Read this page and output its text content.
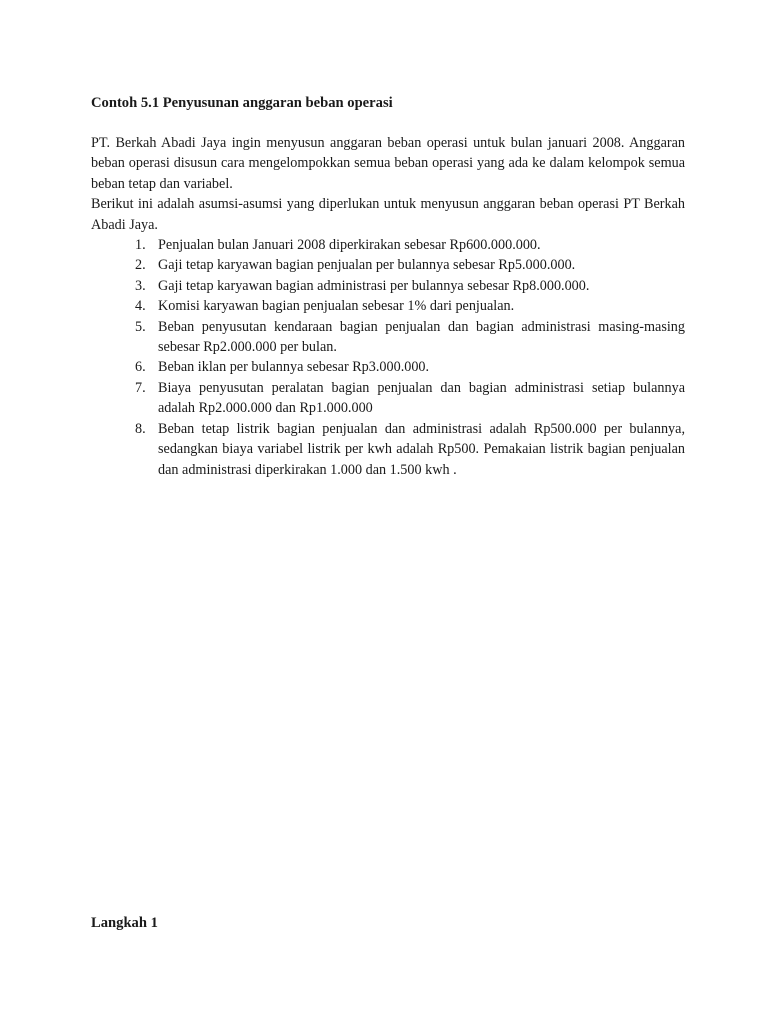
Contoh 5.1 Penyusunan anggaran beban operasi

PT. Berkah Abadi Jaya ingin menyusun anggaran beban operasi untuk bulan januari 2008. Anggaran beban operasi disusun cara mengelompokkan semua beban operasi yang ada ke dalam kelompok semua beban tetap dan variabel.

Berikut ini adalah asumsi-asumsi yang diperlukan untuk menyusun anggaran beban operasi PT Berkah Abadi Jaya.

1. Penjualan bulan Januari 2008 diperkirakan sebesar Rp600.000.000.
2. Gaji tetap karyawan bagian penjualan per bulannya sebesar Rp5.000.000.
3. Gaji tetap karyawan bagian administrasi per bulannya sebesar Rp8.000.000.
4. Komisi karyawan bagian penjualan sebesar 1% dari penjualan.
5. Beban penyusutan kendaraan bagian penjualan dan bagian administrasi masing-masing sebesar Rp2.000.000 per bulan.
6. Beban iklan per bulannya sebesar Rp3.000.000.
7. Biaya penyusutan peralatan bagian penjualan dan bagian administrasi setiap bulannya adalah Rp2.000.000 dan Rp1.000.000
8. Beban tetap listrik bagian penjualan dan administrasi adalah Rp500.000 per bulannya, sedangkan biaya variabel listrik per kwh adalah Rp500. Pemakaian listrik bagian penjualan dan administrasi diperkirakan 1.000 dan 1.500 kwh .
Langkah 1
